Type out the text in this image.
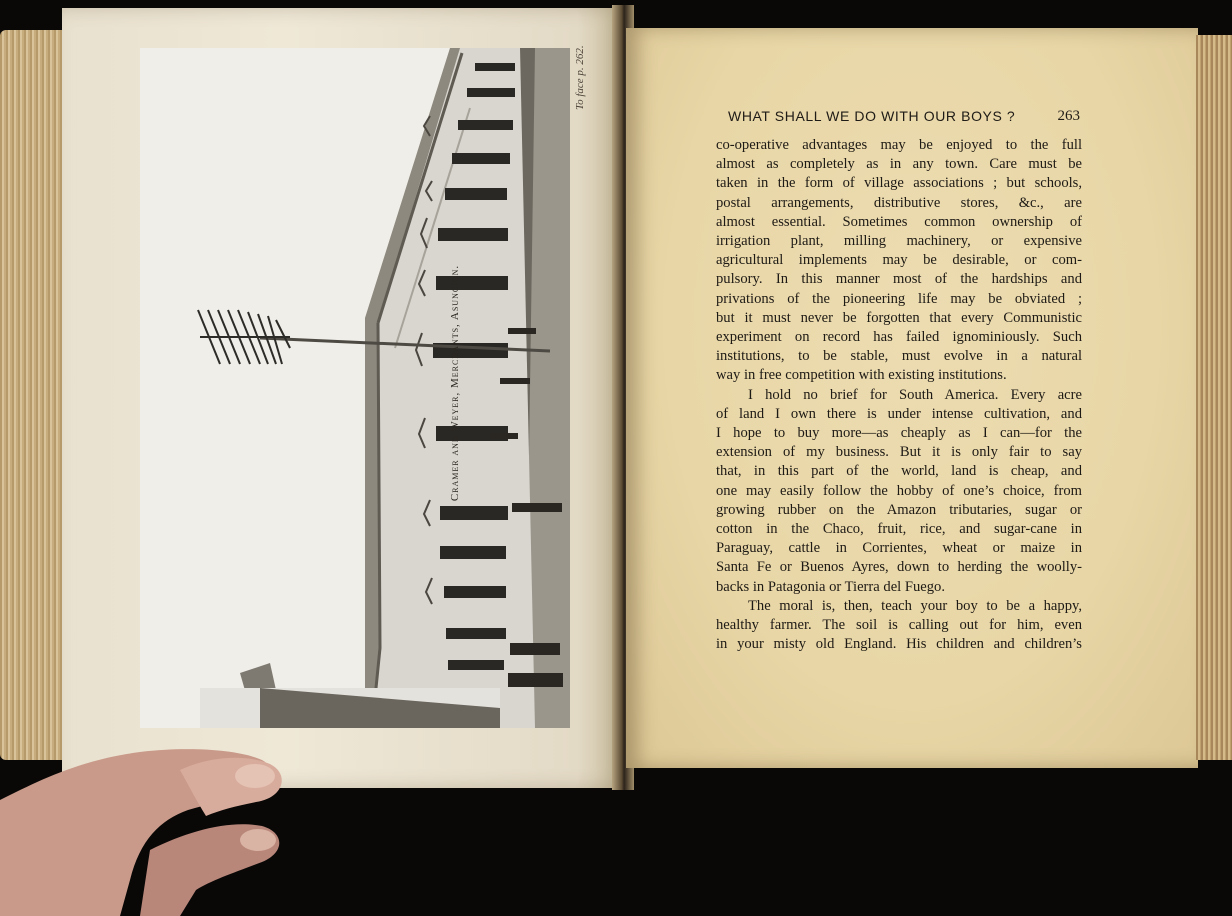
To face p. 262.
Cramer and Weyer, Merchants, Asuncion.
WHAT SHALL WE DO WITH OUR BOYS ?	263
co-operative advantages may be enjoyed to the full
almost as completely as in any town. Care must be
taken in the form of village associations ; but schools,
postal arrangements, distributive stores, &c., are
almost essential. Sometimes common ownership of
irrigation plant, milling machinery, or expensive
agricultural implements may be desirable, or com-
pulsory. In this manner most of the hardships and
privations of the pioneering life may be obviated ;
but it must never be forgotten that every Communistic
experiment on record has failed ignominiously. Such
institutions, to be stable, must evolve in a natural
way in free competition with existing institutions.
I hold no brief for South America. Every acre
of land I own there is under intense cultivation, and
I hope to buy more—as cheaply as I can—for the
extension of my business. But it is only fair to say
that, in this part of the world, land is cheap, and
one may easily follow the hobby of one’s choice, from
growing rubber on the Amazon tributaries, sugar or
cotton in the Chaco, fruit, rice, and sugar-cane in
Paraguay, cattle in Corrientes, wheat or maize in
Santa Fe or Buenos Ayres, down to herding the woolly-
backs in Patagonia or Tierra del Fuego.
The moral is, then, teach your boy to be a happy,
healthy farmer. The soil is calling out for him, even
in your misty old England. His children and children’s
